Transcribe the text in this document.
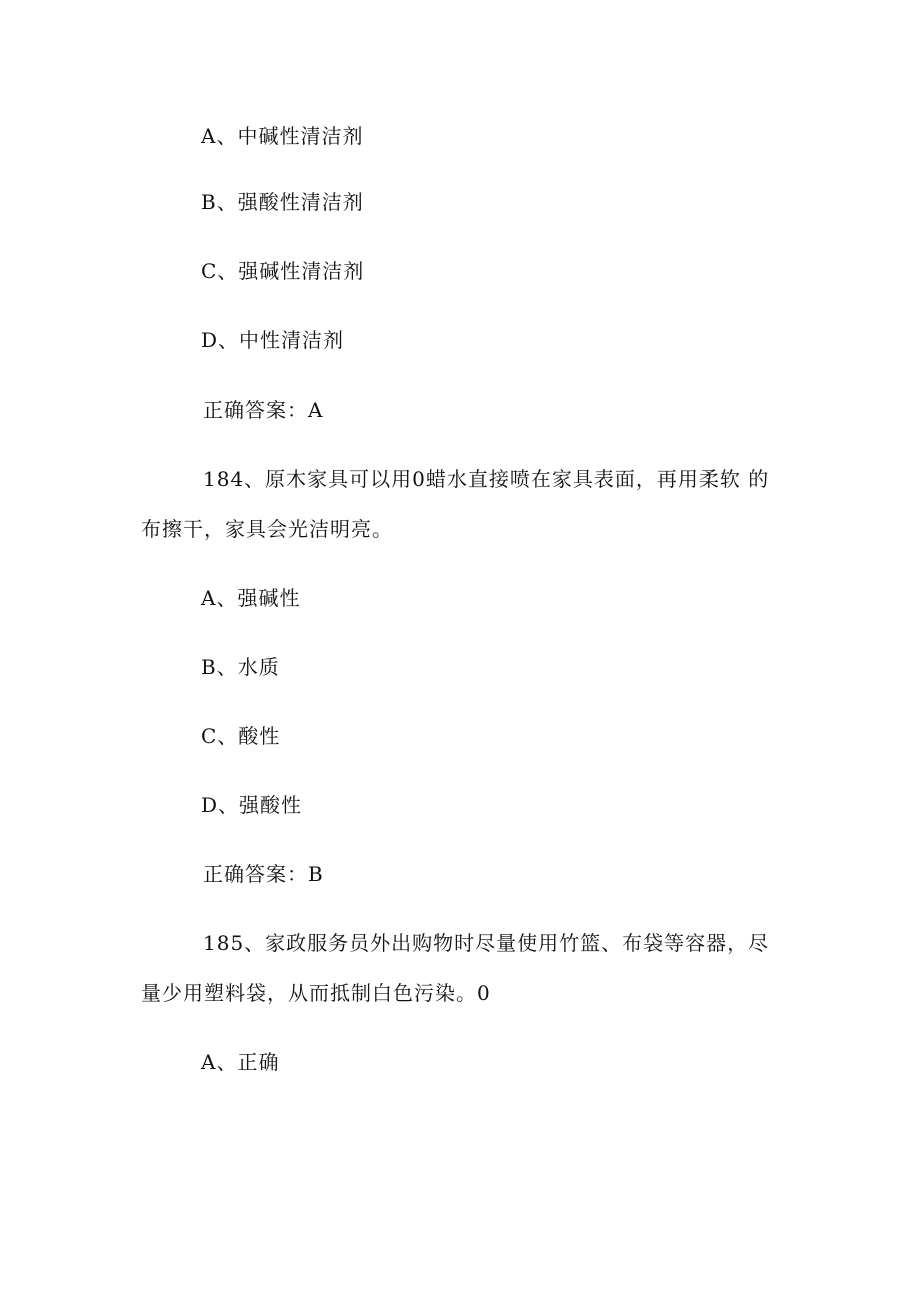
A、中碱性清洁剂
B、强酸性清洁剂
C、强碱性清洁剂
D、中性清洁剂
正确答案：A
184、原木家具可以用0蜡水直接喷在家具表面，再用柔软 的
布擦干，家具会光洁明亮。
A、强碱性
B、水质
C、酸性
D、强酸性
正确答案：B
185、家政服务员外出购物时尽量使用竹篮、布袋等容器，尽
量少用塑料袋，从而抵制白色污染。0
A、正确
